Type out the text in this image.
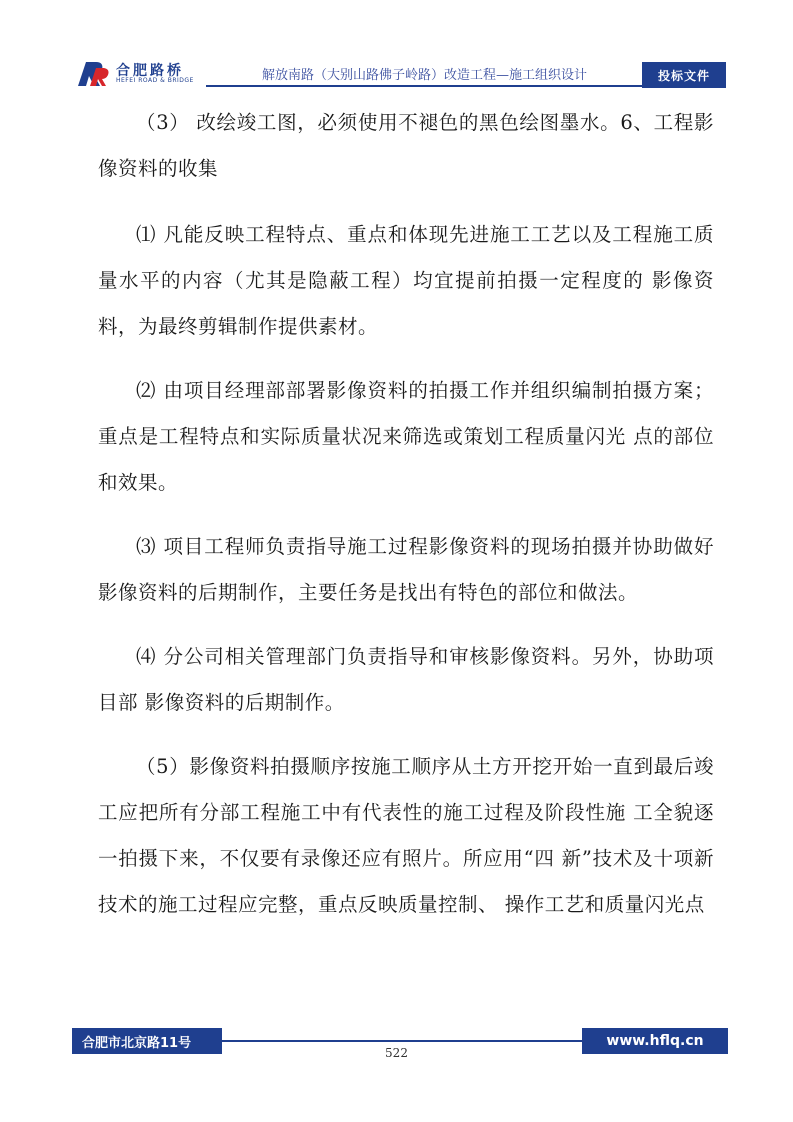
合肥路桥
HEFEI ROAD & BRIDGE	解放南路（大别山路佛子岭路）改造工程—施工组织设计	投标文件

（3） 改绘竣工图，必须使用不褪色的黑色绘图墨水。6、工程影像资料的收集

⑴ 凡能反映工程特点、重点和体现先进施工工艺以及工程施工质量水平的内容（尤其是隐蔽工程）均宜提前拍摄一定程度的 影像资料，为最终剪辑制作提供素材。

⑵ 由项目经理部部署影像资料的拍摄工作并组织编制拍摄方案；重点是工程特点和实际质量状况来筛选或策划工程质量闪光 点的部位和效果。

⑶ 项目工程师负责指导施工过程影像资料的现场拍摄并协助做好影像资料的后期制作，主要任务是找出有特色的部位和做法。

⑷ 分公司相关管理部门负责指导和审核影像资料。另外，协助项目部 影像资料的后期制作。

（5）影像资料拍摄顺序按施工顺序从土方开挖开始一直到最后竣工应把所有分部工程施工中有代表性的施工过程及阶段性施 工全貌逐一拍摄下来，不仅要有录像还应有照片。所应用“四 新”技术及十项新技术的施工过程应完整，重点反映质量控制、 操作工艺和质量闪光点

合肥市北京路11号	www.hflq.cn
522
